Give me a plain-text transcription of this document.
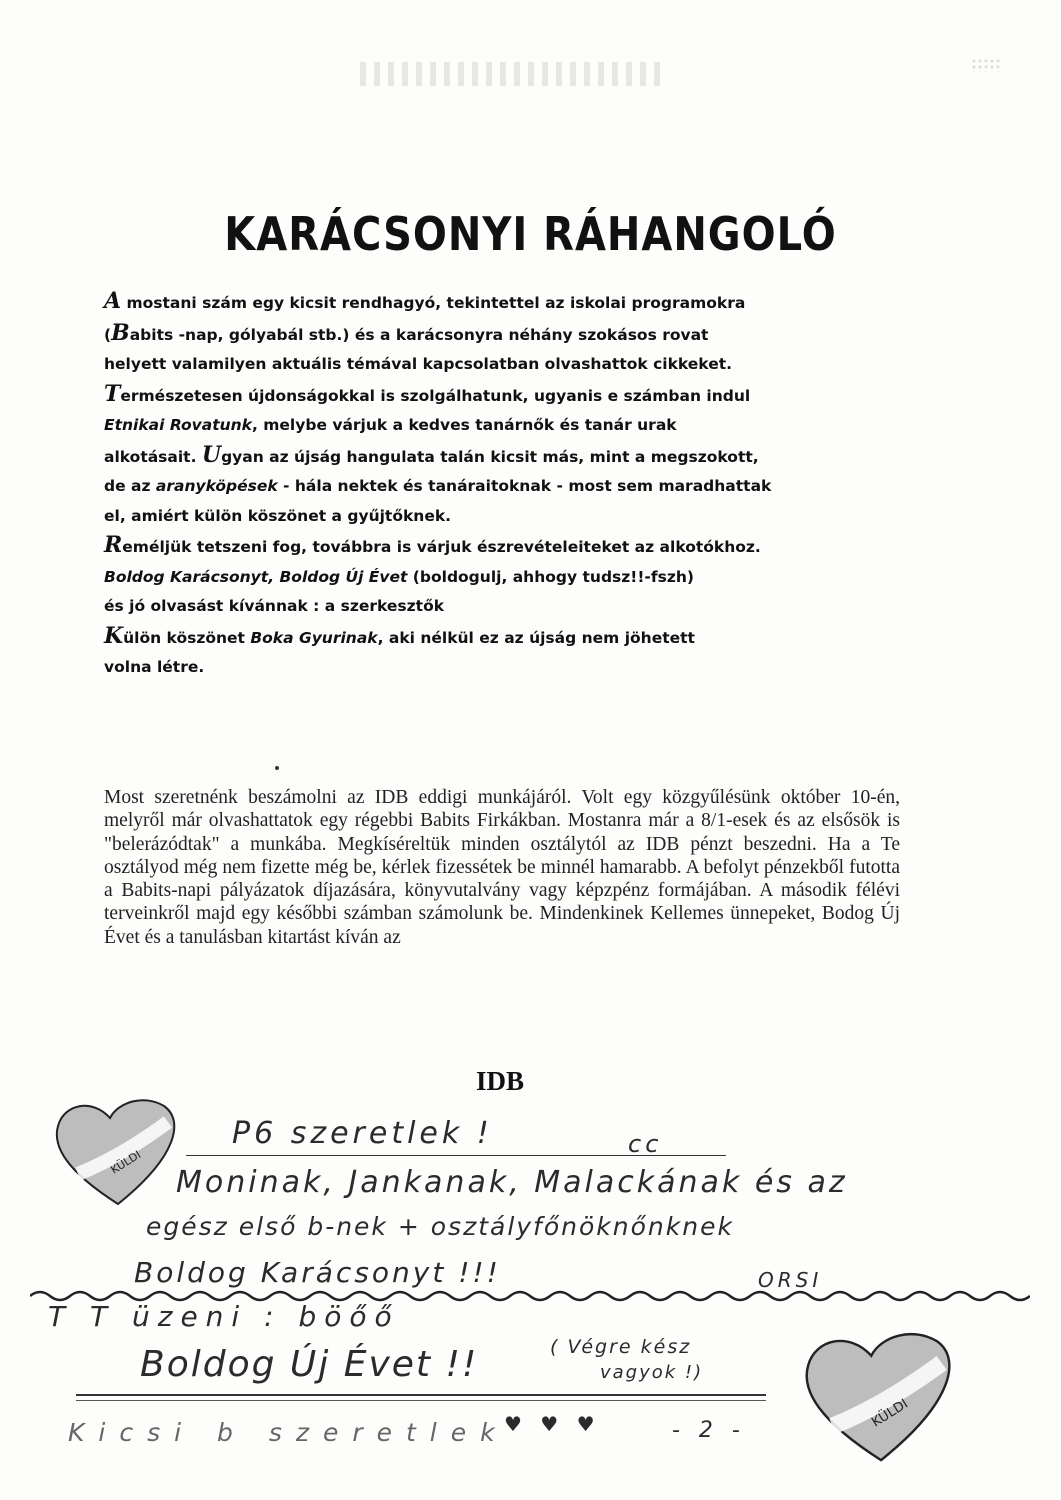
KARÁCSONYI RÁHANGOLÓ

A mostani szám egy kicsit rendhagyó, tekintettel az iskolai programokra

(Babits -nap, gólyabál stb.) és a karácsonyra néhány szokásos rovat

helyett valamilyen aktuális témával kapcsolatban olvashattok cikkeket.

Természetesen újdonságokkal is szolgálhatunk, ugyanis e számban indul

Etnikai Rovatunk, melybe várjuk a kedves tanárnők és tanár urak

alkotásait. Ugyan az újság hangulata talán kicsit más, mint a megszokott,

de az aranyköpések - hála nektek és tanáraitoknak - most sem maradhattak

el, amiért külön köszönet a gyűjtőknek.

Reméljük tetszeni fog, továbbra is várjuk észrevételeiteket az alkotókhoz.

Boldog Karácsonyt, Boldog Új Évet (boldogulj, ahhogy tudsz!!-fszh)

és jó olvasást kívánnak : a szerkesztők

Külön köszönet Boka Gyurinak, aki nélkül ez az újság nem jöhetett

volna létre.

Most szeretnénk beszámolni az IDB eddigi munkájáról. Volt egy közgyűlésünk október 10-én, melyről már olvashattatok egy régebbi Babits Firkákban. Mostanra már a 8/1-esek és az elsősök is "belerázódtak" a munkába. Megkíséreltük minden osztálytól az IDB pénzt beszedni. Ha a Te osztályod még nem fizette még be, kérlek fizessétek be minnél hamarabb. A befolyt pénzekből futotta a Babits-napi pályázatok díjazására, könyvutalvány vagy képzpénz formájában. A második félévi terveinkről majd egy későbbi számban számolunk be. Mindenkinek Kellemes ünnepeket, Bodog Új Évet és a tanulásban kitartást kíván az
IDB
KÜLDI
P6 szeretlek !	cc
Moninak, Jankanak, Malackának és az
egész első b-nek + osztályfőnöknőnknek
Boldog Karácsonyt !!!	ORSI
T T üzeni : böőő
Boldog Új Évet !!	( Végre kész
vagyok !)
KÜLDI
Kicsi b szeretlek
♥ ♥ ♥	- 2 -
